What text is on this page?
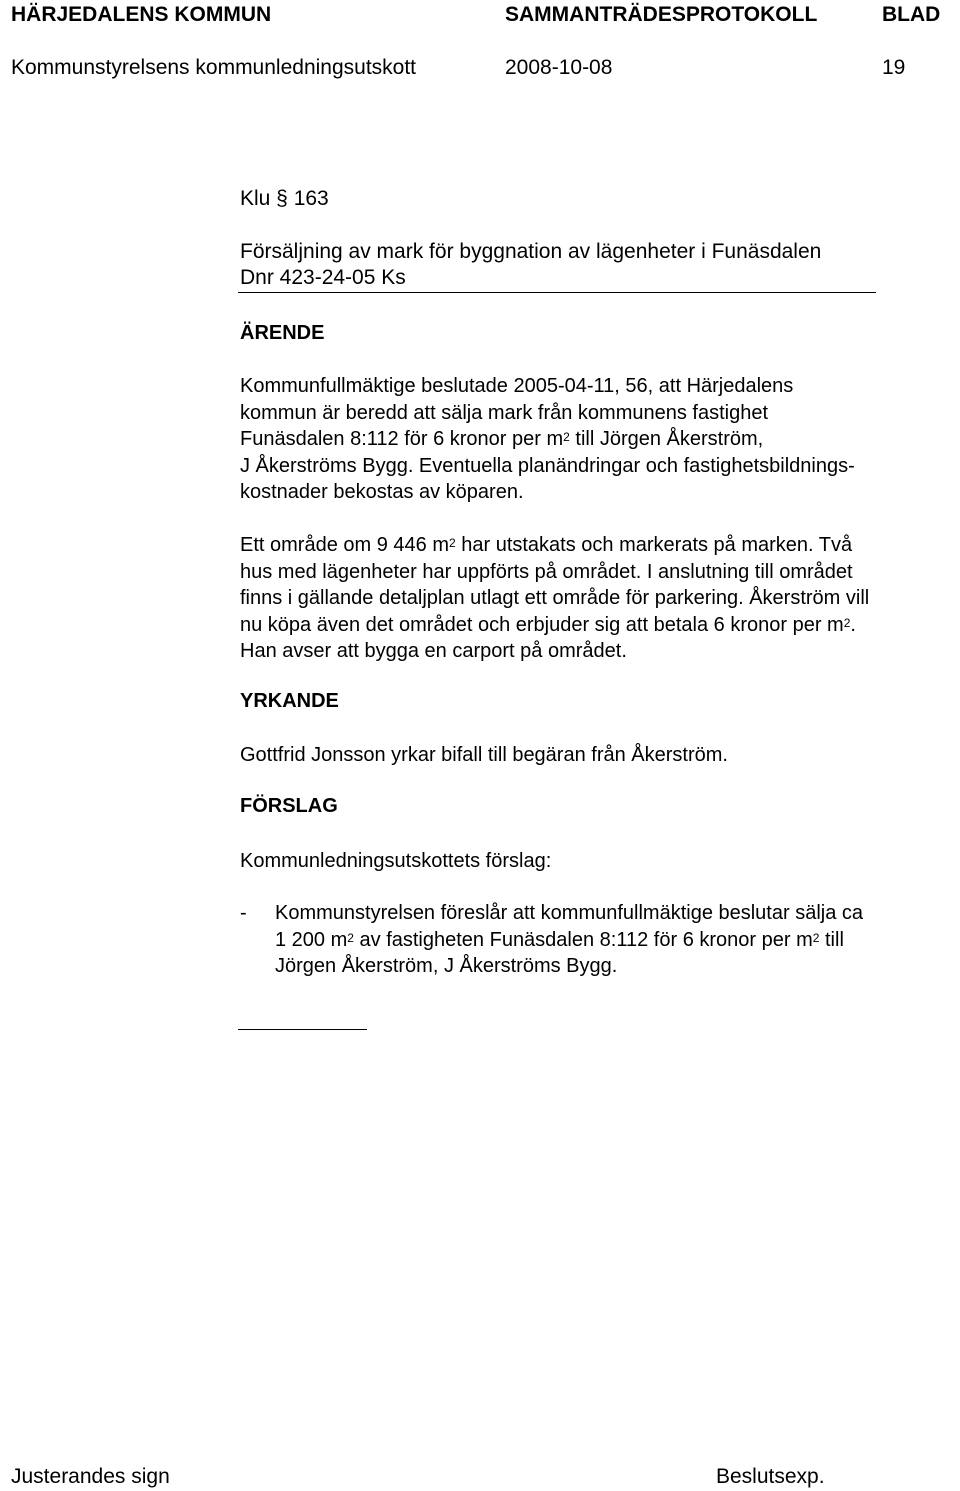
HÄRJEDALENS KOMMUN	SAMMANTRÄDESPROTOKOLL	BLAD
Kommunstyrelsens kommunledningsutskott	2008-10-08	19
Klu § 163
Försäljning av mark för byggnation av lägenheter i Funäsdalen
Dnr 423-24-05 Ks
ÄRENDE
Kommunfullmäktige beslutade 2005-04-11, 56, att Härjedalens
kommun är beredd att sälja mark från kommunens fastighet
Funäsdalen 8:112 för 6 kronor per $m^2$ till Jörgen Åkerström,
J Åkerströms Bygg. Eventuella planändringar och fastighetsbildnings-
kostnader bekostas av köparen.
Ett område om 9 446 $m^2$ har utstakats och markerats på marken. Två
hus med lägenheter har uppförts på området. I anslutning till området
finns i gällande detaljplan utlagt ett område för parkering. Åkerström vill
nu köpa även det området och erbjuder sig att betala 6 kronor per $m^2$.
Han avser att bygga en carport på området.
YRKANDE
Gottfrid Jonsson yrkar bifall till begäran från Åkerström.
FÖRSLAG
Kommunledningsutskottets förslag:
- Kommunstyrelsen föreslår att kommunfullmäktige beslutar sälja ca
1 200 $m^2$ av fastigheten Funäsdalen 8:112 för 6 kronor per $m^2$ till
Jörgen Åkerström, J Åkerströms Bygg.
Justerandes sign	Beslutsexp.
